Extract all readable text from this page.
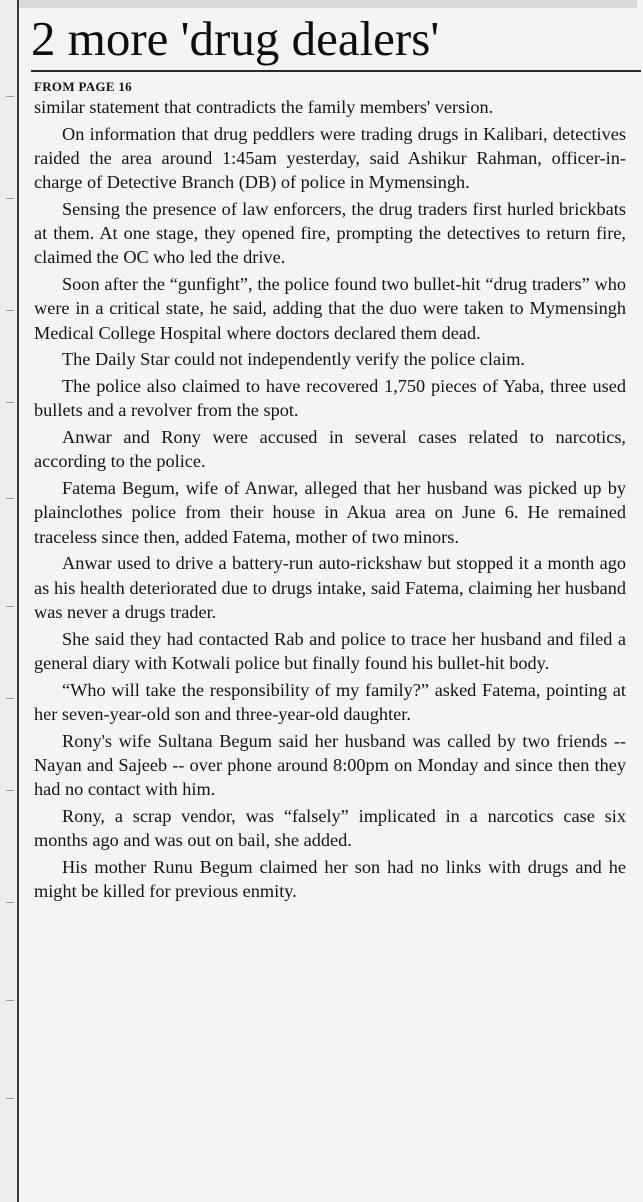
2 more 'drug dealers'
FROM PAGE 16

similar statement that contradicts the family members' version.

On information that drug peddlers were trading drugs in Kalibari, detectives raided the area around 1:45am yesterday, said Ashikur Rahman, officer-in-charge of Detective Branch (DB) of police in Mymensingh.

Sensing the presence of law enforcers, the drug traders first hurled brickbats at them. At one stage, they opened fire, prompting the detectives to return fire, claimed the OC who led the drive.

Soon after the “gunfight”, the police found two bullet-hit “drug traders” who were in a critical state, he said, adding that the duo were taken to Mymensingh Medical College Hospital where doctors declared them dead.

The Daily Star could not independently verify the police claim.

The police also claimed to have recovered 1,750 pieces of Yaba, three used bullets and a revolver from the spot.

Anwar and Rony were accused in several cases related to narcotics, according to the police.

Fatema Begum, wife of Anwar, alleged that her husband was picked up by plainclothes police from their house in Akua area on June 6. He remained traceless since then, added Fatema, mother of two minors.

Anwar used to drive a battery-run auto-rickshaw but stopped it a month ago as his health deteriorated due to drugs intake, said Fatema, claiming her husband was never a drugs trader.

She said they had contacted Rab and police to trace her husband and filed a general diary with Kotwali police but finally found his bullet-hit body.

“Who will take the responsibility of my family?” asked Fatema, pointing at her seven-year-old son and three-year-old daughter.

Rony's wife Sultana Begum said her husband was called by two friends -- Nayan and Sajeeb -- over phone around 8:00pm on Monday and since then they had no contact with him.

Rony, a scrap vendor, was “falsely” implicated in a narcotics case six months ago and was out on bail, she added.

His mother Runu Begum claimed her son had no links with drugs and he might be killed for previous enmity.
